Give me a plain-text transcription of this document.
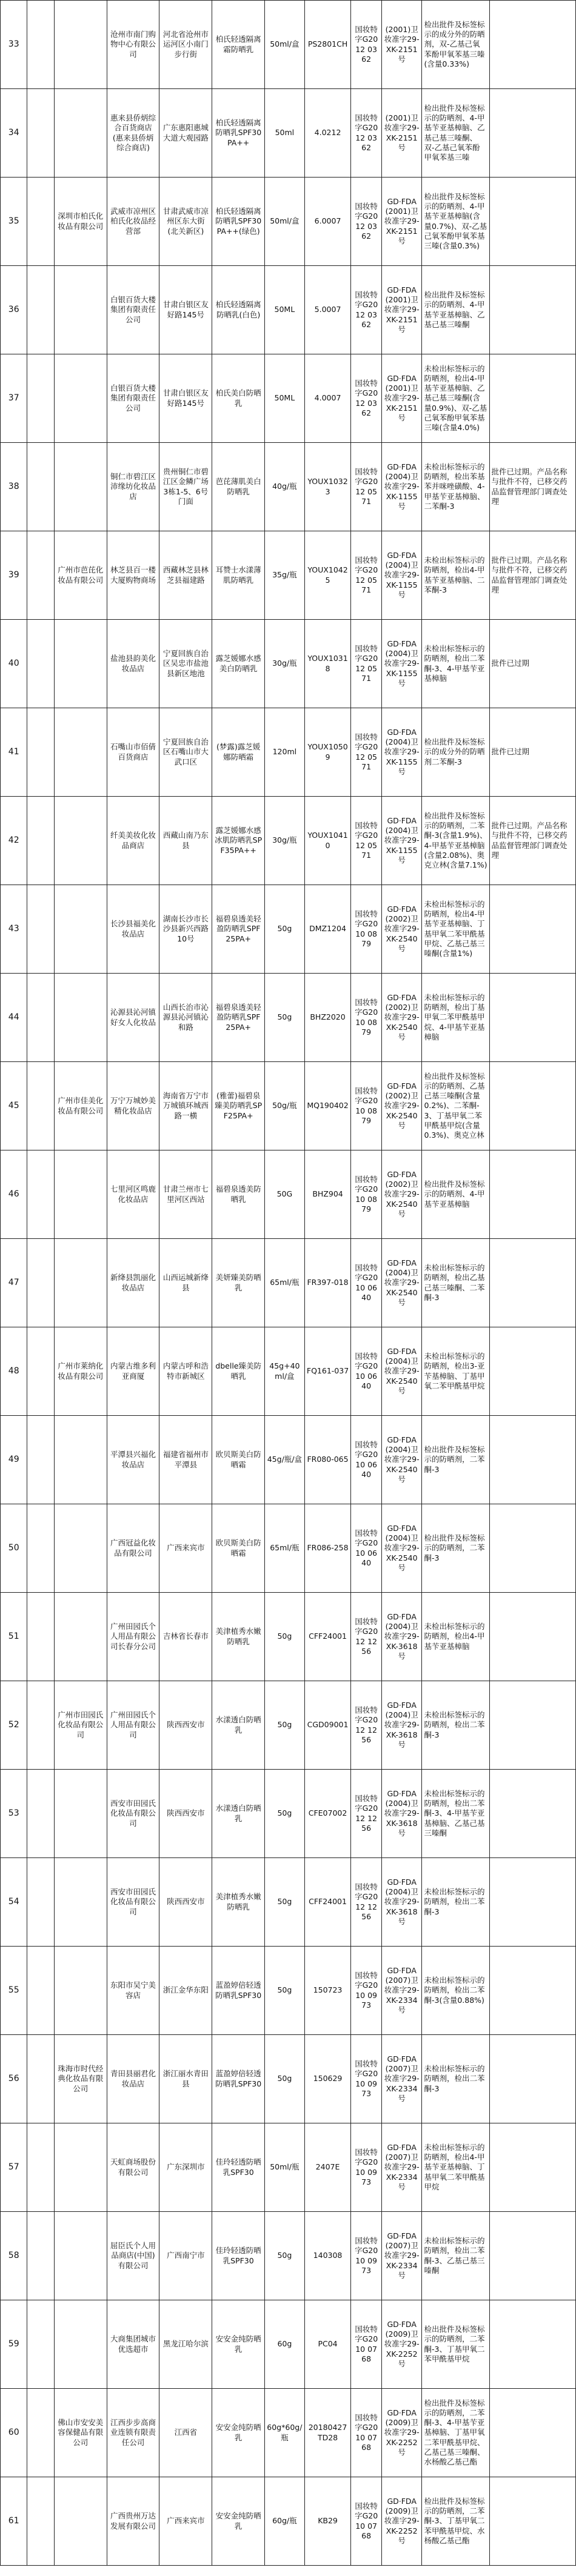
33			沧州市南门购物中心有限公司	河北省沧州市运河区小南门步行街	柏氏轻透隔离霜防晒乳	50ml/盒	PS2801CH	国妆特字G2012 0362	(2001)卫妆准字29-XK-2151号	检出批件及标签标示的成分外的防晒剂，双-乙基己氧苯酚甲氧苯基三嗪(含量0.33%)	
34			惠来县侨炳综合百货商店(惠来县侨炳综合商店)	广东惠阳惠城大道大观园路	柏氏轻透隔离防晒乳SPF30PA++	50ml	4.0212	国妆特字G2012 0362	(2001)卫妆准字29-XK-2151号	检出批件及标签标示的防晒剂、4-甲基苄亚基樟脑、乙基己基三嗪酮、双-乙基己氧苯酚甲氧苯基三嗪	
35		深圳市柏氏化妆品有限公司	武威市凉州区柏氏化妆品经营部	甘肃武威市凉州区东大街(北关新区)	柏氏轻透隔离防晒乳SPF30PA++(绿色)	50ml/盒	6.0007	国妆特字G2012 0362	GD·FDA(2001)卫妆准字29-XK-2151号	检出批件及标签标示的防晒剂、4-甲基苄亚基樟脑(含量0.7%)、双-乙基己氧苯酚甲氧苯基三嗪(含量0.3%)	
36			白银百货大楼集团有限责任公司	甘肃白银区友好路145号	柏氏轻透隔离防晒乳(白色)	50ML	5.0007	国妆特字G2012 0362	GD·FDA(2001)卫妆准字29-XK-2151号	检出批件及标签标示的防晒剂、4-甲基苄亚基樟脑、乙基己基三嗪酮	
37			白银百货大楼集团有限责任公司	甘肃白银区友好路145号	柏氏美白防晒乳	50ML	4.0007	国妆特字G2012 0362	GD·FDA(2001)卫妆准字29-XK-2151号	未检出标签标示的防晒剂，检出4-甲基苄亚基樟脑、乙基己基三嗪酮(含量0.9%)、双-乙基己氧苯酚甲氧苯基三嗪(含量4.0%)	
38			铜仁市碧江区沛缘坊化妆品店	贵州铜仁市碧江区金鳞广场3栋1-5、6号门面	芭芘薄肌美白防晒乳	40g/瓶	YOUX10323	国妆特字G2012 0571	GD·FDA(2004)卫妆准字29-XK-1155号	未检出标签标示的防晒剂，检出苯基苯并咪唑磺酸、4-甲基苄亚基樟脑、二苯酮-3	批件已过期。产品名称与批件不符，已移交药品监督管理部门调查处理
39		广州市芭芘化妆品有限公司	林芝县百一楼大厦购物商场	西藏林芝县林芝县福建路	耳赞士水漾薄肌防晒乳	35g/瓶	YOUX10425	国妆特字G2012 0571	GD·FDA(2004)卫妆准字29-XK-1155号	未检出标签标示的防晒剂，检出4-甲基苄亚基樟脑、二苯酮-3	批件已过期。产品名称与批件不符，已移交药品监督管理部门调查处理
40			盐池县韵美化妆品店	宁夏回族自治区吴忠市盐池县新区地池	露芝媛娜水感美白防晒乳	30g/瓶	YOUX10318	国妆特字G2012 0571	GD·FDA(2004)卫妆准字29-XK-1155号	未检出标签标示的防晒剂，检出二苯酮-3、4-甲基苄亚基樟脑	批件已过期
41			石嘴山市佰倩百货商店	宁夏回族自治区石嘴山市大武口区	(梦露)露芝媛娜防晒霜	120ml	YOUX10509	国妆特字G2012 0571	GD·FDA(2004)卫妆准字29-XK-1155号	检出批件及标签标示的成分外的防晒剂二苯酮-3	批件已过期
42			纤美美妆化妆品商店	西藏山南乃东县	露芝媛娜水感冰肌防晒乳SPF35PA++	30g/瓶	YOUX10410	国妆特字G2012 0571	GD·FDA(2004)卫妆准字29-XK-1155号	检出批件及标签标示的防晒剂，二苯酮-3(含量1.9%)、4-甲基苄亚基樟脑(含量2.08%)、奥克立林(含量7.1%)	批件已过期。产品名称与批件不符，已移交药品监督管理部门调查处理
43			长沙县福美化妆品店	湖南长沙市长沙县新兴西路10号	福碧泉透美轻盈防晒乳SPF25PA+	50g	DMZ1204	国妆特字G2010 0879	GD·FDA(2002)卫妆准字29-XK-2540号	未检出标签标示的防晒剂，检出4-甲基苄亚基樟脑、丁基甲氧二苯甲酰基甲烷、乙基己基三嗪酮(含量1%)	
44			沁源县沁河镇好女人化妆品	山西长治市沁源县沁河镇沁和路	福碧泉透美轻盈防晒乳SPF25PA+	50g	BHZ2020	国妆特字G2010 0879	GD·FDA(2002)卫妆准字29-XK-2540号	未检出标签标示的防晒剂，检出丁基甲氧二苯甲酰基甲烷、4-甲基苄亚基樟脑	
45		广州市佳美化妆品有限公司	万宁万城妙美精化妆品店	海南省万宁市万城镇环城西路一横	(雅蕾)福碧泉臻美防晒乳SPF25PA+	50g/瓶	MQ190402	国妆特字G2010 0879	GD·FDA(2002)卫妆准字29-XK-2540号	检出批件及标签标示的防晒剂、乙基己基三嗪酮(含量0.2%)、二苯酮-3、丁基甲氧二苯甲酰基甲烷(含量0.3%)、奥克立林	
46			七里河区鸣鹿化妆品店	甘肃兰州市七里河区西站	福碧泉透美防晒乳	50G	BHZ904	国妆特字G2010 0879	GD·FDA(2002)卫妆准字29-XK-2540号	检出批件及标签标示的防晒剂、4-甲基苄亚基樟脑	
47			新绛县凯丽化妆品店	山西运城新绛县	美妍臻美防晒乳	65ml/瓶	FR397-018	国妆特字G2010 0640	GD·FDA(2004)卫妆准字29-XK-2540号	未检出标签标示的防晒剂，检出乙基己基三嗪酮、二苯酮-3	
48		广州市莱纳化妆品有限公司	内蒙古维多利亚商厦	内蒙古呼和浩特市新城区	dbelle臻美防晒乳	45g+40ml/盒	FQ161-037	国妆特字G2010 0640	GD·FDA(2004)卫妆准字29-XK-2540号	未检出标签标示的防晒剂，检出3-亚苄基樟脑、丁基甲氧二苯甲酰基甲烷	
49			平潭县兴福化妆品店	福建省福州市平潭县	欧贝斯美白防晒霜	45g/瓶/盒	FR080-065	国妆特字G2010 0640	GD·FDA(2004)卫妆准字29-XK-2540号	检出批件及标签标示的防晒剂，二苯酮-3	
50			广西冠益化妆品有限公司	广西来宾市	欧贝斯美白防晒霜	65ml/瓶	FR086-258	国妆特字G2010 0640	GD·FDA(2004)卫妆准字29-XK-2540号	检出批件及标签标示的防晒剂，二苯酮-3	
51			广州田园氏个人用品有限公司长春分公司	吉林省长春市	美津植秀水嫩防晒乳	50g	CFF24001	国妆特字G2012 1256	GD·FDA(2004)卫妆准字29-XK-3618号	未检出标签标示的防晒剂，检出4-甲基苄亚基樟脑	
52		广州市田园氏化妆品有限公司	广州田园氏个人用品有限公司	陕西西安市	水漾透白防晒乳	50g	CGD09001	国妆特字G2012 1256	GD·FDA(2004)卫妆准字29-XK-3618号	未检出标签标示的防晒剂，检出二苯酮-3	
53			西安市田园氏化妆品有限公司	陕西西安市	水漾透白防晒乳	50g	CFE07002	国妆特字G2012 1256	GD·FDA(2004)卫妆准字29-XK-3618号	未检出标签标示的防晒剂，检出二苯酮-3、4-甲基苄亚基樟脑、乙基己基三嗪酮	
54			西安市田园氏化妆品有限公司	陕西西安市	美津植秀水嫩防晒乳	50g	CFF24001	国妆特字G2012 1256	GD·FDA(2004)卫妆准字29-XK-3618号	未检出标签标示的防晒剂，检出二苯酮-3	
55			东阳市吴宁美容店	浙江金华东阳	蓝盈婷倍轻透防晒乳SPF30	50g	150723	国妆特字G2010 0973	GD·FDA(2007)卫妆准字29-XK-2334号	未检出标签标示的防晒剂，检出二苯酮-3(含量0.88%)	
56		珠海市时代经典化妆品有限公司	青田县丽君化妆品店	浙江丽水青田县	蓝盈婷倍轻透防晒乳SPF30	50g	150629	国妆特字G2010 0973	GD·FDA(2007)卫妆准字29-XK-2334号	未检出标签标示的防晒剂，检出二苯酮-3	
57			天虹商场股份有限公司	广东深圳市	佳玲轻透防晒乳SPF30	50ml/瓶	2407E	国妆特字G2010 0973	GD·FDA(2007)卫妆准字29-XK-2334号	未检出标签标示的防晒剂，检出4-甲基苄亚基樟脑、丁基甲氧二苯甲酰基甲烷	
58			屈臣氏个人用品商店(中国)有限公司	广西南宁市	佳玲轻透防晒乳SPF30	50g	140308	国妆特字G2010 0973	GD·FDA(2007)卫妆准字29-XK-2334号	未检出标签标示的防晒剂，检出二苯酮-3、乙基己基三嗪酮	
59			大商集团城市优选超市	黑龙江哈尔滨	安安金纯防晒乳	60g	PC04	国妆特字G2010 0768	GD·FDA(2009)卫妆准字29-XK-2252号	检出批件及标签标示的防晒剂，二苯酮-3、丁基甲氧二苯甲酰基甲烷	
60		佛山市安安美容保健品有限公司	江西步步高商业连锁有限责任公司	江西省	安安金纯防晒乳	60g*60g/瓶	20180427TD28	国妆特字G2010 0768	GD·FDA(2009)卫妆准字29-XK-2252号	检出批件及标签标示的防晒剂，二苯酮-3、4-甲基苄亚基樟脑、丁基甲氧二苯甲酰基甲烷、乙基己基三嗪酮、水杨酸乙基己酯	
61			广西贵州万达发展有限公司	广西来宾市	安安金纯防晒乳	60g/瓶	KB29	国妆特字G2010 0768	GD·FDA(2009)卫妆准字29-XK-2252号	检出批件及标签标示的防晒剂，二苯酮-3、丁基甲氧二苯甲酰基甲烷、水杨酸乙基己酯	
